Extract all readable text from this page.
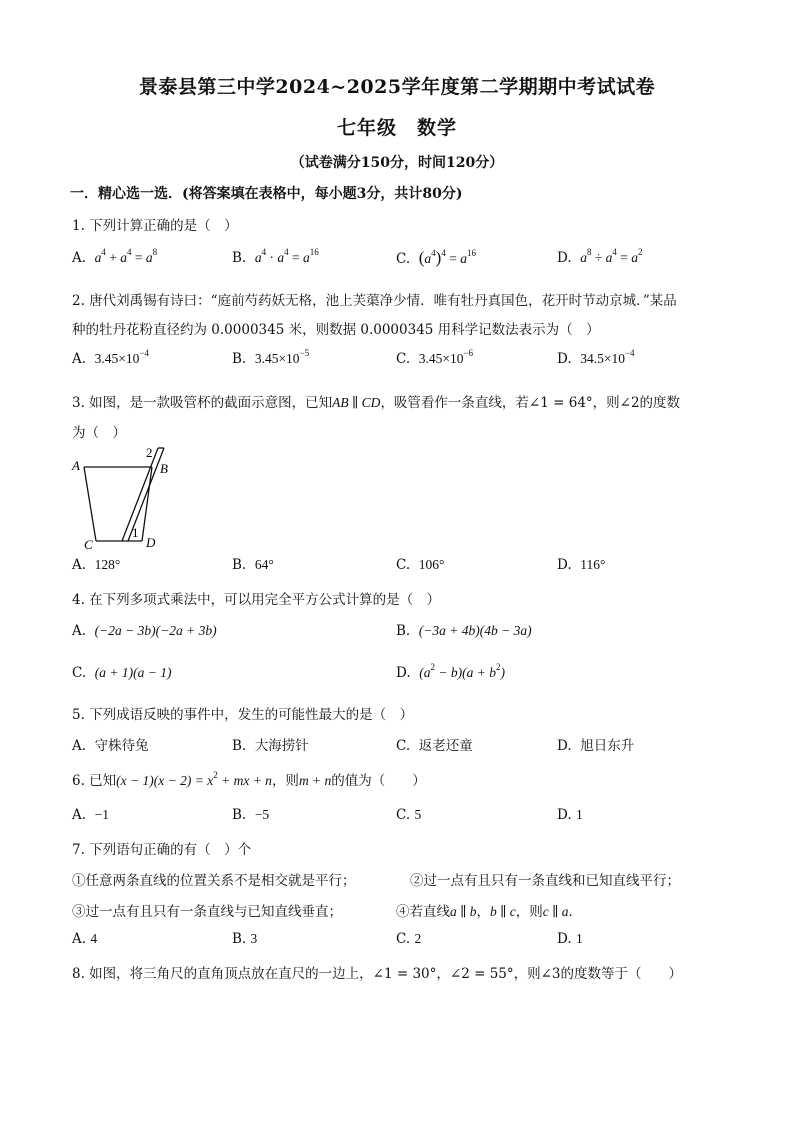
景泰县第三中学2024~2025学年度第二学期期中考试试卷
七年级　数学
（试卷满分150分，时间120分）
一．精心选一选．(将答案填在表格中，每小题3分，共计80分)
1. 下列计算正确的是（　）
A. $a^4 + a^4 = a^8$	B. $a^4 \cdot a^4 = a^{16}$	C. $(a^4)^4 = a^{16}$	D. $a^8 \div a^4 = a^2$
2. 唐代刘禹锡有诗曰：“庭前芍药妖无格，池上芙蕖净少情．唯有牡丹真国色，花开时节动京城．”某品
种的牡丹花粉直径约为 0.0000345 米，则数据 0.0000345 用科学记数法表示为（　）
A. $3.45\times 10^{-4}$	B. $3.45\times 10^{-5}$	C. $3.45\times 10^{-6}$	D. $34.5\times 10^{-4}$
3. 如图，是一款吸管杯的截面示意图，已知AB ∥ CD，吸管看作一条直线，若∠1 = 64°，则∠2的度数
为（　）
A	B
C	D
1
2
A. 128°	B. 64°	C. 106°	D. 116°
4. 在下列多项式乘法中，可以用完全平方公式计算的是（　）
A. (−2a − 3b)(−2a + 3b)	B. (−3a + 4b)(4b − 3a)
C. (a + 1)(a − 1)	D. $(a^2 - b)(a + b^2)$
5. 下列成语反映的事件中，发生的可能性最大的是（　）
A. 守株待兔	B. 大海捞针	C. 返老还童	D. 旭日东升
6. 已知$(x - 1)(x - 2) = x^2$ + mx + n，则m + n的值为（　　）
A. −1	B. −5	C. 5	D. 1
7. 下列语句正确的有（　）个
①任意两条直线的位置关系不是相交就是平行；	②过一点有且只有一条直线和已知直线平行；
③过一点有且只有一条直线与已知直线垂直；	④若直线a ∥ b，b ∥ c，则c ∥ a．
A. 4	B. 3	C. 2	D. 1
8. 如图，将三角尺的直角顶点放在直尺的一边上，∠1 = 30°，∠2 = 55°，则∠3的度数等于（　　）
